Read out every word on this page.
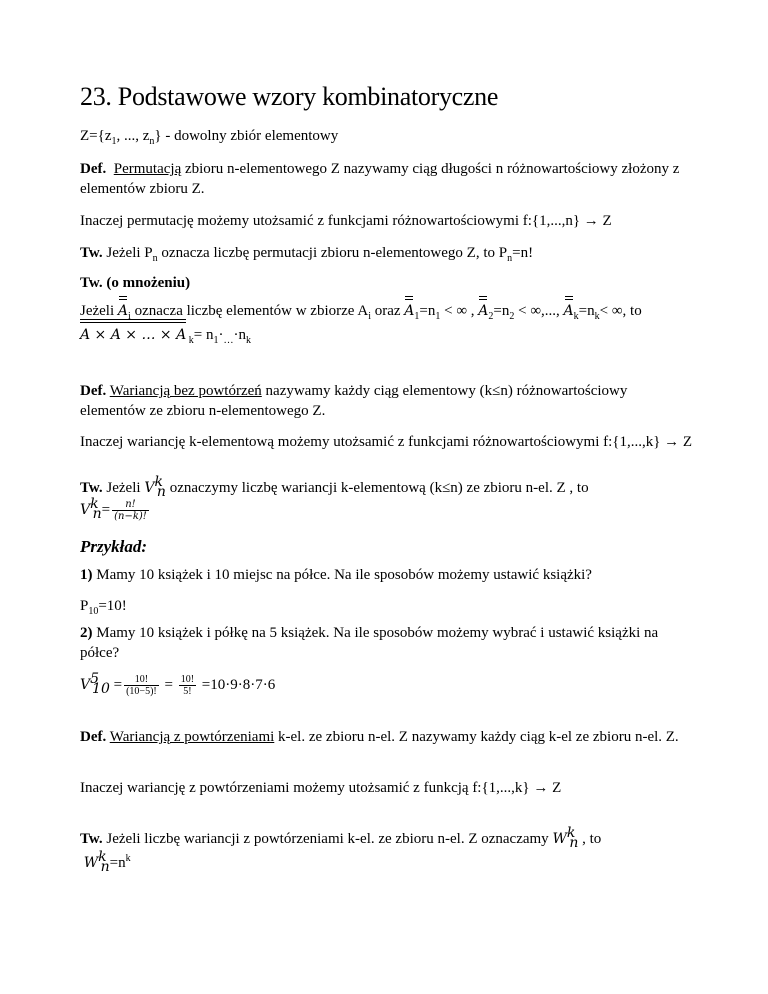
23. Podstawowe wzory kombinatoryczne

$Z=\{z_1$, ..., $z_n$} - dowolny zbiór elementowy

Def. Permutacją zbioru n-elementowego Z nazywamy ciąg długości n różnowartościowy złożony z elementów zbioru Z.

Inaczej permutację możemy utożsamić z funkcjami różnowartościowymi f:{1,...,n} → Z

Tw. Jeżeli $P_n$ oznacza liczbę permutacji zbioru n-elementowego Z, to $P_n=n$!

Tw. (o mnożeniu)

Jeżeli $A_i$ oznacza liczbę elementów w zbiorze $A_i$ oraz $A_1=n_1$ < ∞ , $A_2=n_2$ < ∞,..., $A_k=n_k<$ ∞, to
A × A × … × A $_k= n_1\cdot_\dots\cdot n_k$

Def. Wariancją bez powtórzeń nazywamy każdy ciąg elementowy (k≤n) różnowartościowy elementów ze zbioru n-elementowego Z.

Inaczej wariancję k-elementową możemy utożsamić z funkcjami różnowartościowymi f:{1,...,k} → Z

Tw. Jeżeli $V^k_n$ oznaczymy liczbę wariancji k-elementową (k≤n) ze zbioru n-el. Z , to
$V^k_n= \frac{n!}{(n-k)!}$

Przykład:

1) Mamy 10 książek i 10 miejsc na półce. Na ile sposobów możemy ustawić książki?

$P_{10}=10$!

2) Mamy 10 książek i półkę na 5 książek. Na ile sposobów możemy wybrać i ustawić książki na półce?

$V^5_{10} = \frac{10!}{(10-5)!} = \frac{10!}{5!} =10\cdot 9\cdot 8\cdot 7\cdot 6$

Def. Wariancją z powtórzeniami k-el. ze zbioru n-el. Z nazywamy każdy ciąg k-el ze zbioru n-el. Z.

Inaczej wariancję z powtórzeniami możemy utożsamić z funkcją f:{1,...,k} → Z

Tw. Jeżeli liczbę wariancji z powtórzeniami k-el. ze zbioru n-el. Z oznaczamy $W^k_n$ , to
$W^k_n=n^k$
